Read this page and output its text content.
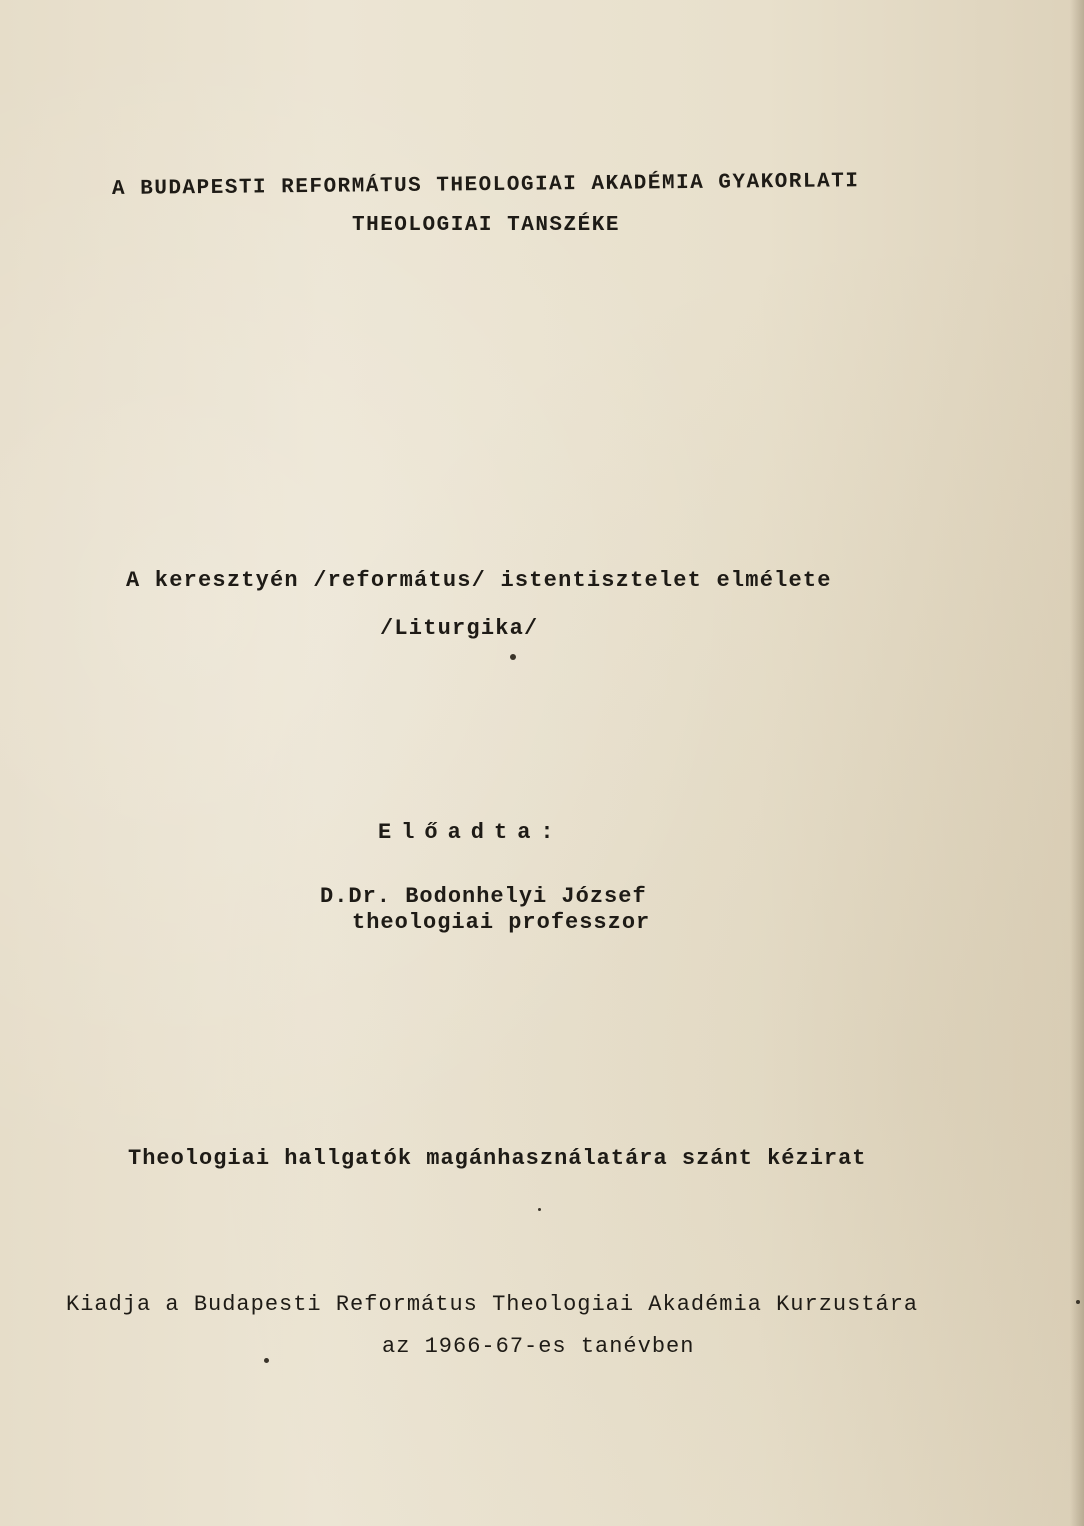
A BUDAPESTI REFORMÁTUS THEOLOGIAI AKADÉMIA GYAKORLATI

THEOLOGIAI TANSZÉKE

A keresztyén /református/ istentisztelet elmélete

/Liturgika/

Előadta:

D.Dr. Bodonhelyi József

theologiai professzor

Theologiai hallgatók magánhasználatára szánt kézirat

Kiadja a Budapesti Református Theologiai Akadémia Kurzustára

az 1966-67-es tanévben
